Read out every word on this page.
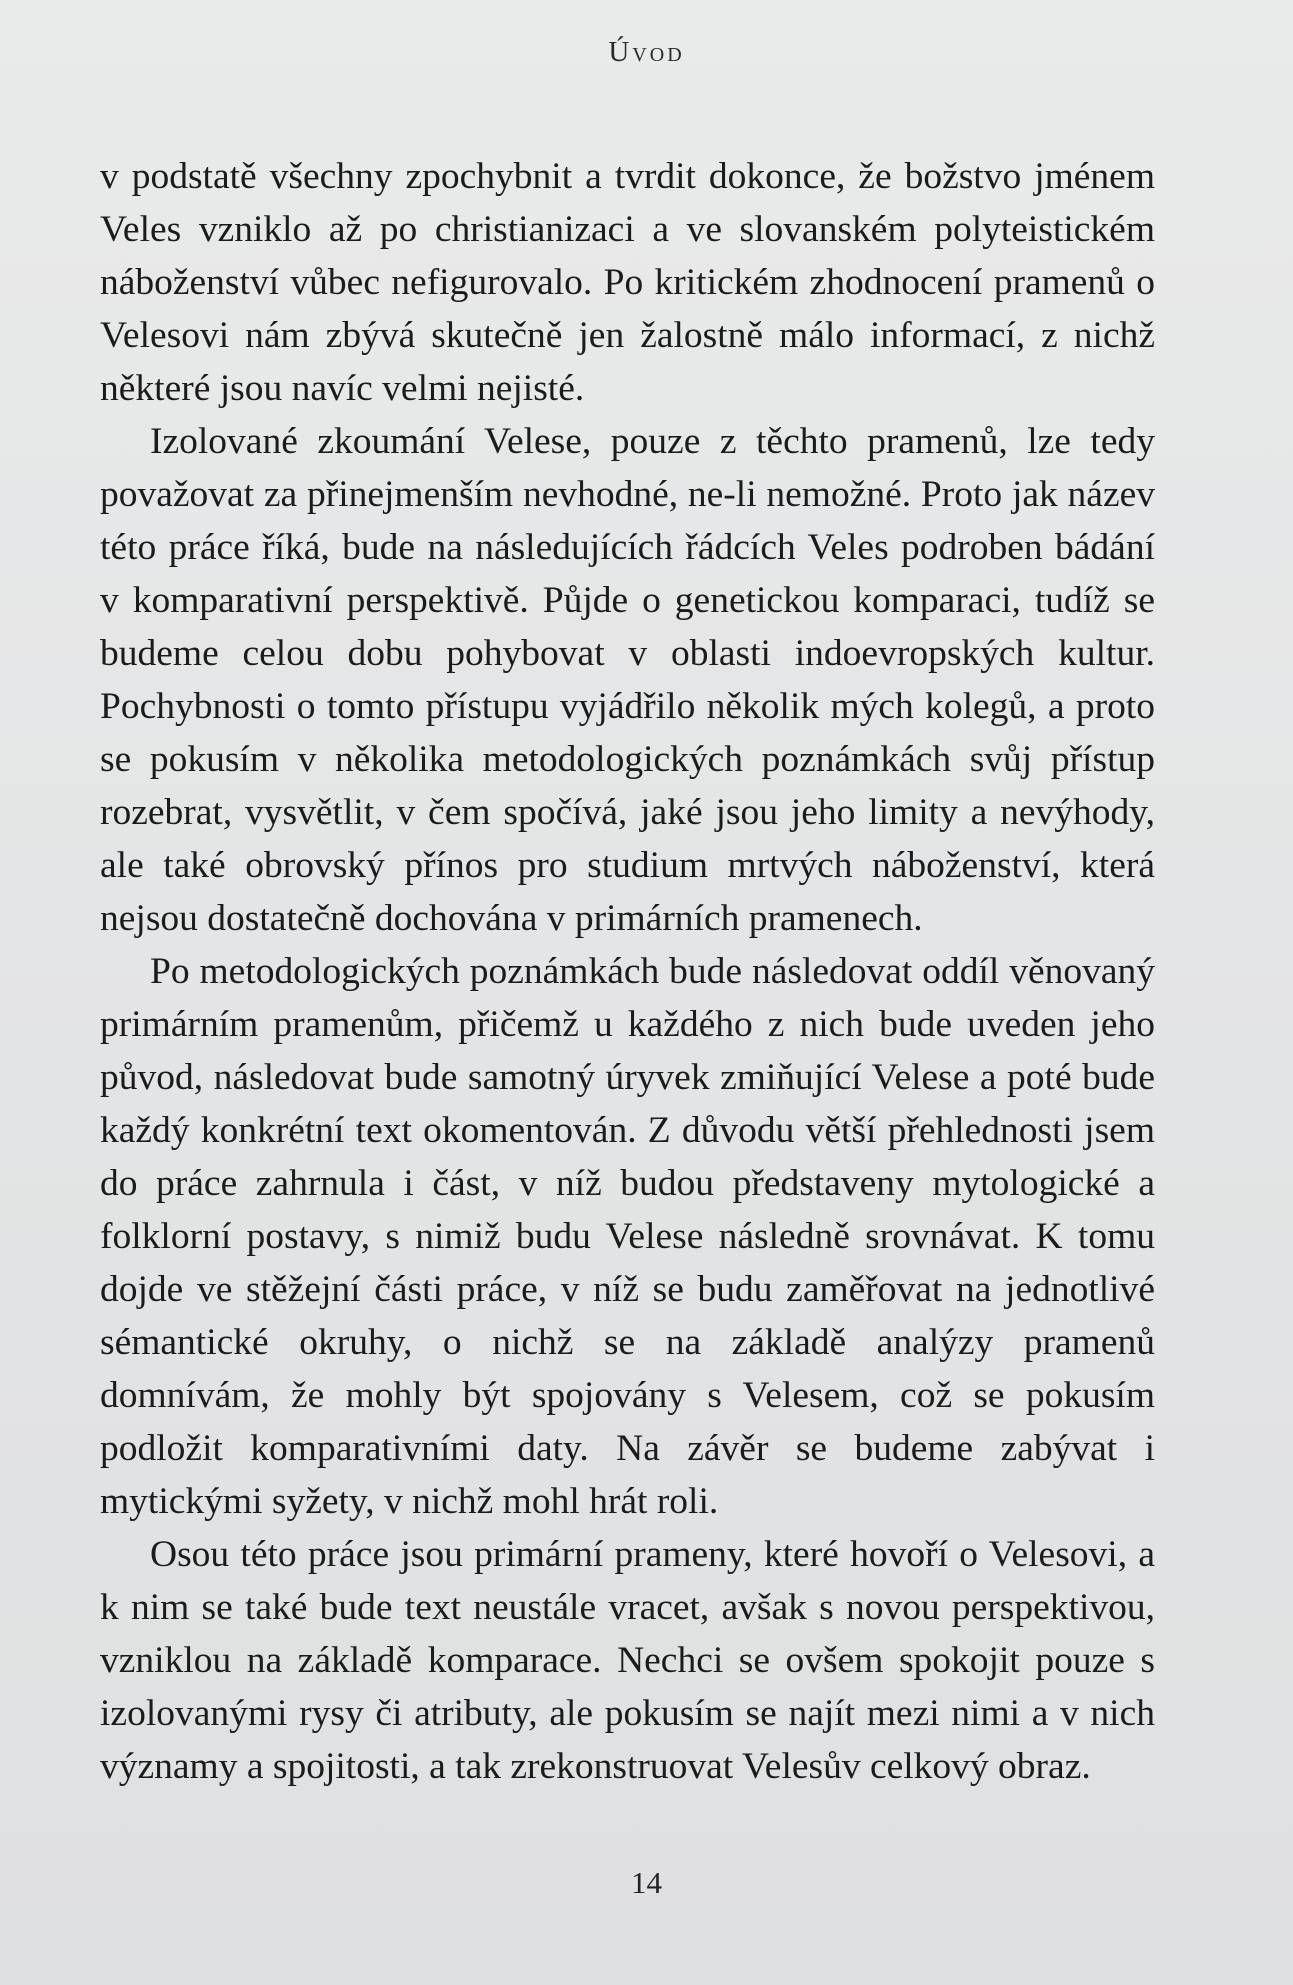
Úvod

v podstatě všechny zpochybnit a tvrdit dokonce, že božstvo jménem Veles vzniklo až po christianizaci a ve slovanském polyteistickém náboženství vůbec nefigurovalo. Po kritickém zhodnocení pramenů o Velesovi nám zbývá skutečně jen žalostně málo informací, z nichž některé jsou navíc velmi nejisté.

Izolované zkoumání Velese, pouze z těchto pramenů, lze tedy považovat za přinejmenším nevhodné, ne-li nemožné. Proto jak název této práce říká, bude na následujících řádcích Veles podroben bádání v komparativní perspektivě. Půjde o genetickou komparaci, tudíž se budeme celou dobu pohybovat v oblasti indoevropských kultur. Pochybnosti o tomto přístupu vyjádřilo několik mých kolegů, a proto se pokusím v několika metodologických poznámkách svůj přístup rozebrat, vysvětlit, v čem spočívá, jaké jsou jeho limity a nevýhody, ale také obrovský přínos pro studium mrtvých náboženství, která nejsou dostatečně dochována v primárních pramenech.

Po metodologických poznámkách bude následovat oddíl věnovaný primárním pramenům, přičemž u každého z nich bude uveden jeho původ, následovat bude samotný úryvek zmiňující Velese a poté bude každý konkrétní text okomentován. Z důvodu větší přehlednosti jsem do práce zahrnula i část, v níž budou představeny mytologické a folklorní postavy, s nimiž budu Velese následně srovnávat. K tomu dojde ve stěžejní části práce, v níž se budu zaměřovat na jednotlivé sémantické okruhy, o nichž se na základě analýzy pramenů domnívám, že mohly být spojovány s Velesem, což se pokusím podložit komparativními daty. Na závěr se budeme zabývat i mytickými syžety, v nichž mohl hrát roli.

Osou této práce jsou primární prameny, které hovoří o Velesovi, a k nim se také bude text neustále vracet, avšak s novou perspektivou, vzniklou na základě komparace. Nechci se ovšem spokojit pouze s izolovanými rysy či atributy, ale pokusím se najít mezi nimi a v nich významy a spojitosti, a tak zrekonstruovat Velesův celkový obraz.

14
